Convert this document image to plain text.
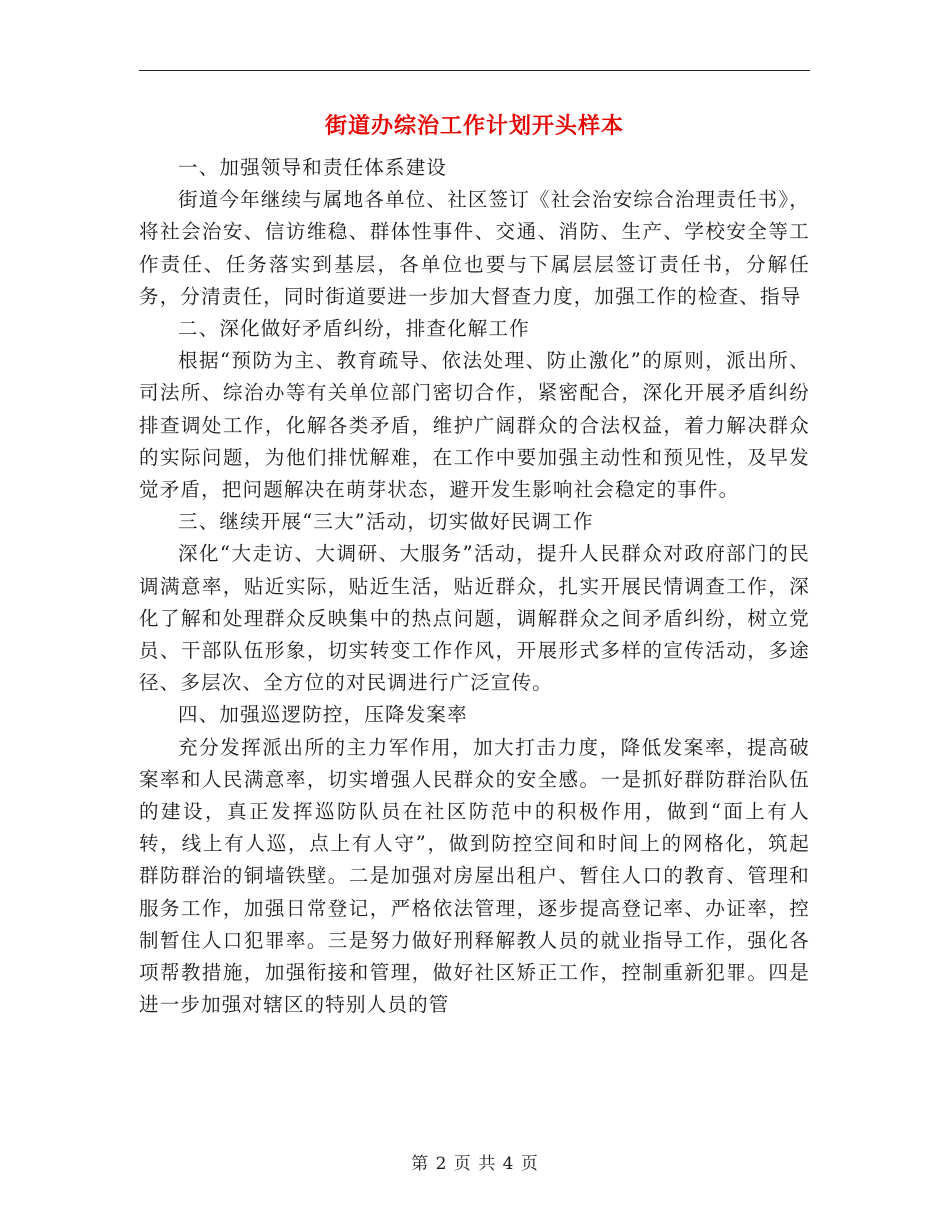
街道办综治工作计划开头样本

一、加强领导和责任体系建设

街道今年继续与属地各单位、社区签订《社会治安综合治理责任书》，将社会治安、信访维稳、群体性事件、交通、消防、生产、学校安全等工作责任、任务落实到基层，各单位也要与下属层层签订责任书，分解任务，分清责任，同时街道要进一步加大督查力度，加强工作的检查、指导

二、深化做好矛盾纠纷，排查化解工作

根据“预防为主、教育疏导、依法处理、防止激化”的原则，派出所、司法所、综治办等有关单位部门密切合作，紧密配合，深化开展矛盾纠纷排查调处工作，化解各类矛盾，维护广阔群众的合法权益，着力解决群众的实际问题，为他们排忧解难，在工作中要加强主动性和预见性，及早发觉矛盾，把问题解决在萌芽状态，避开发生影响社会稳定的事件。

三、继续开展“三大”活动，切实做好民调工作

深化“大走访、大调研、大服务”活动，提升人民群众对政府部门的民调满意率，贴近实际，贴近生活，贴近群众，扎实开展民情调查工作，深化了解和处理群众反映集中的热点问题，调解群众之间矛盾纠纷，树立党员、干部队伍形象，切实转变工作作风，开展形式多样的宣传活动，多途径、多层次、全方位的对民调进行广泛宣传。

四、加强巡逻防控，压降发案率

充分发挥派出所的主力军作用，加大打击力度，降低发案率，提高破案率和人民满意率，切实增强人民群众的安全感。一是抓好群防群治队伍的建设，真正发挥巡防队员在社区防范中的积极作用，做到“面上有人转，线上有人巡，点上有人守”，做到防控空间和时间上的网格化，筑起群防群治的铜墙铁壁。二是加强对房屋出租户、暂住人口的教育、管理和服务工作，加强日常登记，严格依法管理，逐步提高登记率、办证率，控制暂住人口犯罪率。三是努力做好刑释解教人员的就业指导工作，强化各项帮教措施，加强衔接和管理，做好社区矫正工作，控制重新犯罪。四是进一步加强对辖区的特别人员的管

第 2 页 共 4 页
